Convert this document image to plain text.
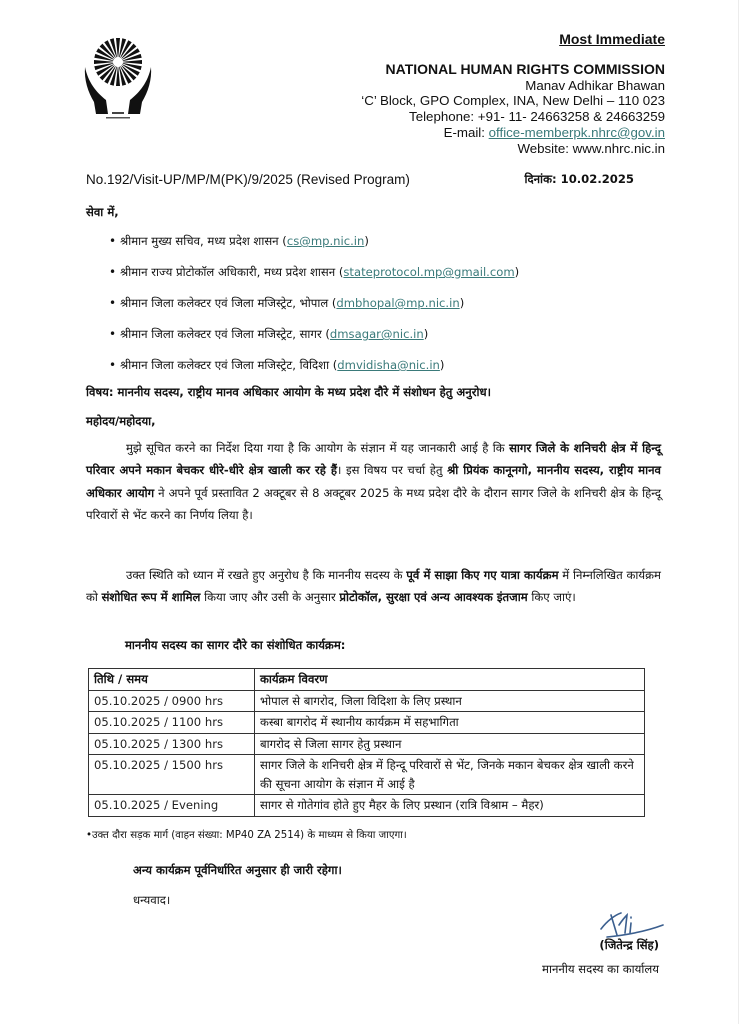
Most Immediate
NATIONAL HUMAN RIGHTS COMMISSION
Manav Adhikar Bhawan
‘C’ Block, GPO Complex, INA, New Delhi – 110 023
Telephone: +91- 11- 24663258 & 24663259
E-mail: office-memberpk.nhrc@gov.in
Website: www.nhrc.nic.in
No.192/Visit-UP/MP/M(PK)/9/2025 (Revised Program)	दिनांक: 10.02.2025
सेवा में,
• श्रीमान मुख्य सचिव, मध्य प्रदेश शासन (cs@mp.nic.in)
• श्रीमान राज्य प्रोटोकॉल अधिकारी, मध्य प्रदेश शासन (stateprotocol.mp@gmail.com)
• श्रीमान जिला कलेक्टर एवं जिला मजिस्ट्रेट, भोपाल (dmbhopal@mp.nic.in)
• श्रीमान जिला कलेक्टर एवं जिला मजिस्ट्रेट, सागर (dmsagar@nic.in)
• श्रीमान जिला कलेक्टर एवं जिला मजिस्ट्रेट, विदिशा (dmvidisha@nic.in)
विषय: माननीय सदस्य, राष्ट्रीय मानव अधिकार आयोग के मध्य प्रदेश दौरे में संशोधन हेतु अनुरोध।
महोदय/महोदया,
मुझे सूचित करने का निर्देश दिया गया है कि आयोग के संज्ञान में यह जानकारी आई है कि सागर जिले के शनिचरी क्षेत्र में हिन्दू परिवार अपने मकान बेचकर धीरे-धीरे क्षेत्र खाली कर रहे हैं। इस विषय पर चर्चा हेतु श्री प्रियंक कानूनगो, माननीय सदस्य, राष्ट्रीय मानव अधिकार आयोग ने अपने पूर्व प्रस्तावित 2 अक्टूबर से 8 अक्टूबर 2025 के मध्य प्रदेश दौरे के दौरान सागर जिले के शनिचरी क्षेत्र के हिन्दू परिवारों से भेंट करने का निर्णय लिया है।
उक्त स्थिति को ध्यान में रखते हुए अनुरोध है कि माननीय सदस्य के पूर्व में साझा किए गए यात्रा कार्यक्रम में निम्नलिखित कार्यक्रम को संशोधित रूप में शामिल किया जाए और उसी के अनुसार प्रोटोकॉल, सुरक्षा एवं अन्य आवश्यक इंतजाम किए जाएं।
माननीय सदस्य का सागर दौरे का संशोधित कार्यक्रम:
तिथि / समय	कार्यक्रम विवरण
05.10.2025 / 0900 hrs	भोपाल से बागरोद, जिला विदिशा के लिए प्रस्थान
05.10.2025 / 1100 hrs	कस्बा बागरोद में स्थानीय कार्यक्रम में सहभागिता
05.10.2025 / 1300 hrs	बागरोद से जिला सागर हेतु प्रस्थान
05.10.2025 / 1500 hrs	सागर जिले के शनिचरी क्षेत्र में हिन्दू परिवारों से भेंट, जिनके मकान बेचकर क्षेत्र खाली करने की सूचना आयोग के संज्ञान में आई है
05.10.2025 / Evening	सागर से गोतेगांव होते हुए मैहर के लिए प्रस्थान (रात्रि विश्राम – मैहर)
•उक्त दौरा सड़क मार्ग (वाहन संख्या: MP40 ZA 2514) के माध्यम से किया जाएगा।
अन्य कार्यक्रम पूर्वनिर्धारित अनुसार ही जारी रहेगा।
धन्यवाद।
(जितेन्द्र सिंह)
माननीय सदस्य का कार्यालय
